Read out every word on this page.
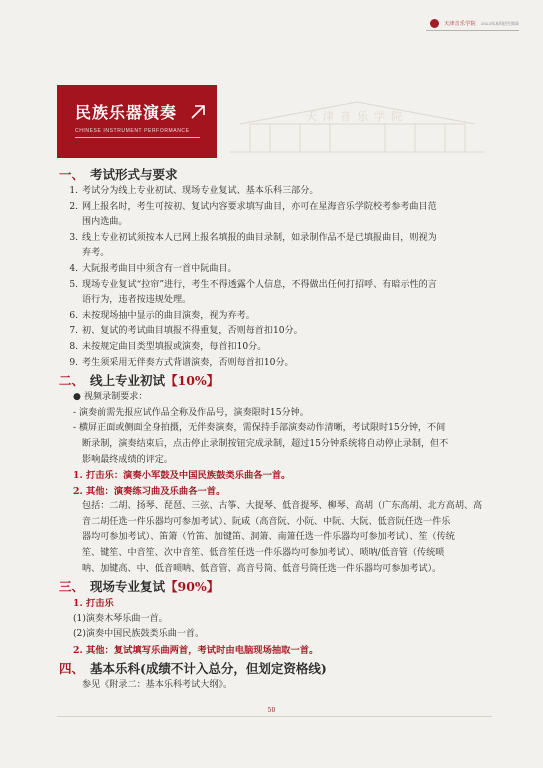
天津音乐学院 2023年本科招生简章
天津音乐学院
民族乐器演奏
CHINESE INSTRUMENT PERFORMANCE
一、 考试形式与要求
1. 考试分为线上专业初试、现场专业复试、基本乐科三部分。
2. 网上报名时，考生可按初、复试内容要求填写曲目，亦可在星海音乐学院校考参考曲目范
围内选曲。
3. 线上专业初试须按本人已网上报名填报的曲目录制，如录制作品不是已填报曲目，则视为
弃考。
4. 大阮报考曲目中须含有一首中阮曲目。
5. 现场专业复试“拉帘”进行，考生不得透露个人信息，不得做出任何打招呼、有暗示性的言
语行为，违者按违规处理。
6. 未按现场抽中显示的曲目演奏，视为弃考。
7. 初、复试的考试曲目填报不得重复，否则每首扣10分。
8. 未按规定曲目类型填报或演奏，每首扣10分。
9. 考生须采用无伴奏方式背谱演奏，否则每首扣10分。
二、 线上专业初试【10%】
● 视频录制要求：
- 演奏前需先报应试作品全称及作品号，演奏限时15分钟。
- 横屏正面或侧面全身拍摄，无伴奏演奏，需保持手部演奏动作清晰，考试限时15分钟，不间
断录制，演奏结束后，点击停止录制按钮完成录制，超过15分钟系统将自动停止录制，但不
影响最终成绩的评定。
1. 打击乐：演奏小军鼓及中国民族鼓类乐曲各一首。
2. 其他：演奏练习曲及乐曲各一首。
包括：二胡、扬琴、琵琶、三弦、古筝、大提琴、低音提琴、柳琴、高胡（广东高胡、北方高胡、高
音二胡任选一件乐器均可参加考试）、阮咸（高音阮、小阮、中阮、大阮、低音阮任选一件乐
器均可参加考试）、笛箫（竹笛、加键笛、洞箫、南箫任选一件乐器均可参加考试）、笙（传统
笙、键笙、中音笙、次中音笙、低音笙任选一件乐器均可参加考试）、唢呐/低音管（传统唢
呐、加键高、中、低音唢呐、低音管、高音号筒、低音号筒任选一件乐器均可参加考试）。
三、 现场专业复试【90%】
1. 打击乐
(1)演奏木琴乐曲一首。
(2)演奏中国民族鼓类乐曲一首。
2. 其他：复试填写乐曲两首，考试时由电脑现场抽取一首。
四、 基本乐科(成绩不计入总分，但划定资格线)
参见《附录二：基本乐科考试大纲》。
50
